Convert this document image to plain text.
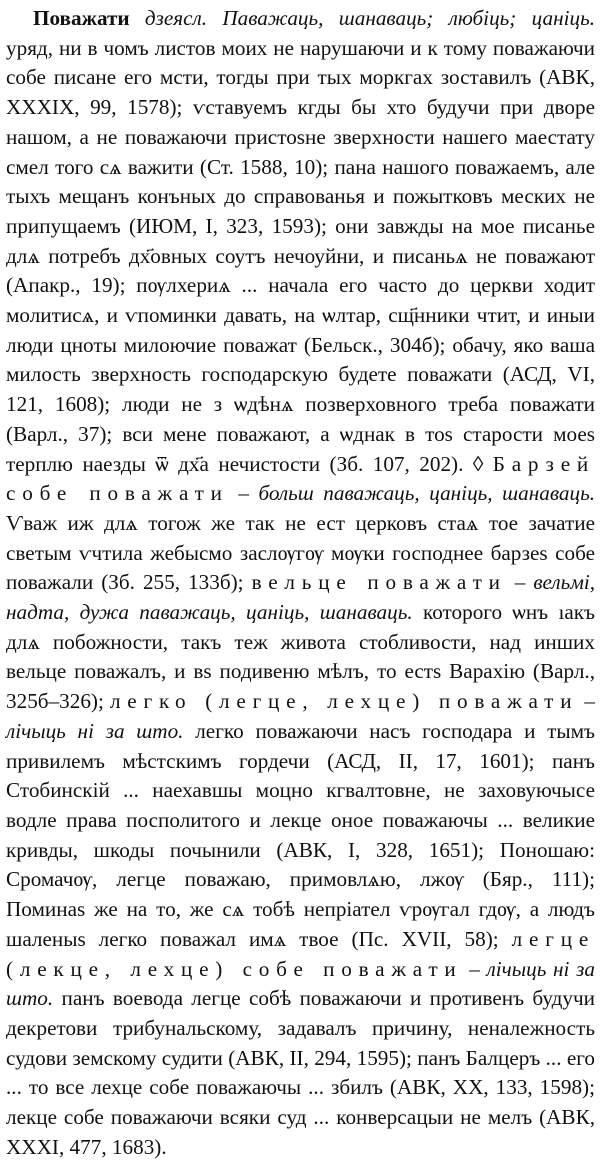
Поважати дзеясл. Паважаць, шанаваць; любіць; цаніць. уряд, ни в чомъ листов моих не нарушаючи и к тому поважаючи собе писане его мсти, тогды при тых моркгах зоставилъ (АВК, XXXIX, 99, 1578); ѵставуемъ кгды бы хто будучи при дворе нашом, а не поважаючи пристоѕне зверхности нашего маестату смел того сѧ важити (Ст. 1588, 10); пана нашого поважаемъ, але тыхъ мещанъ конъных до справованья и пожытковъ меских не припущаемъ (ИЮМ, I, 323, 1593); они завжды на мое писанье длѧ потребъ дх҃овных соутъ нечоуйни, и писаньѧ не поважают (Апакр., 19); пѹлхериѧ ... начала его часто до церкви ходит молитисѧ, и ѵпоминки давать, на ѡлтар, сщ҃нники чтит, и иныи люди цноты милоючие поважат (Бельск., 304б); обачу, яко ваша милость зверхность господарскую будете поважати (АСД, VI, 121, 1608); люди не з ѡдѣнѧ позверховного треба поважати (Варл., 37); вси мене поважают, а ѡднак в тоѕ старости моеѕ терплю наезды ѿ дх҃а нечистости (Зб. 107, 202). ◊ Барзей собе поважати – больш паважаць, цаніць, шанаваць. Ѵваж иж длѧ тогож же так не ест церковъ стаѧ тое зачатие светым ѵчтила жебысмо заслѹгѹ мѹки господнее барзеѕ собе поважали (Зб. 255, 133б); вельце поважати – вельмі, надта, дужа паважаць, цаніць, шанаваць. которого ѡнъ ıакъ длѧ побожности, такъ теж живота стобливости, над инших вельце поважалъ, и вѕ подивеню мѣлъ, то естѕ Варахію (Варл., 325б–326); легко (легце, лехце) поважати – лічыць ні за што. легко поважаючи насъ господара и тымъ привилемъ мѣстскимъ гордечи (АСД, II, 17, 1601); панъ Стобинскій ... наехавшы моцно кгвалтовне, не заховуючысе водле права посполитого и лекце оное поважаючы ... великие кривды, шкоды почынили (АВК, I, 328, 1651); Поношаю: Сромачѹ, легце поважаю, примовлѧю, лжѹ (Бяр., 111); Поминаѕ же на то, же сѧ тобѣ непріател ѵрѹгал гдѹ, а людъ шаленыѕ легко поважал имѧ твое (Пс. XVII, 58); легце (лекце, лехце) собе поважати – лічыць ні за што. панъ воевода легце собѣ поважаючи и противенъ будучи декретови трибунальскому, задавалъ причину, неналежность судови земскому судити (АВК, II, 294, 1595); панъ Балцеръ ... его ... то все лехце собе поважаючы ... збилъ (АВК, XX, 133, 1598); лекце собе поважаючи всяки суд ... конверсацыи не мелъ (АВК, XXXI, 477, 1683).
